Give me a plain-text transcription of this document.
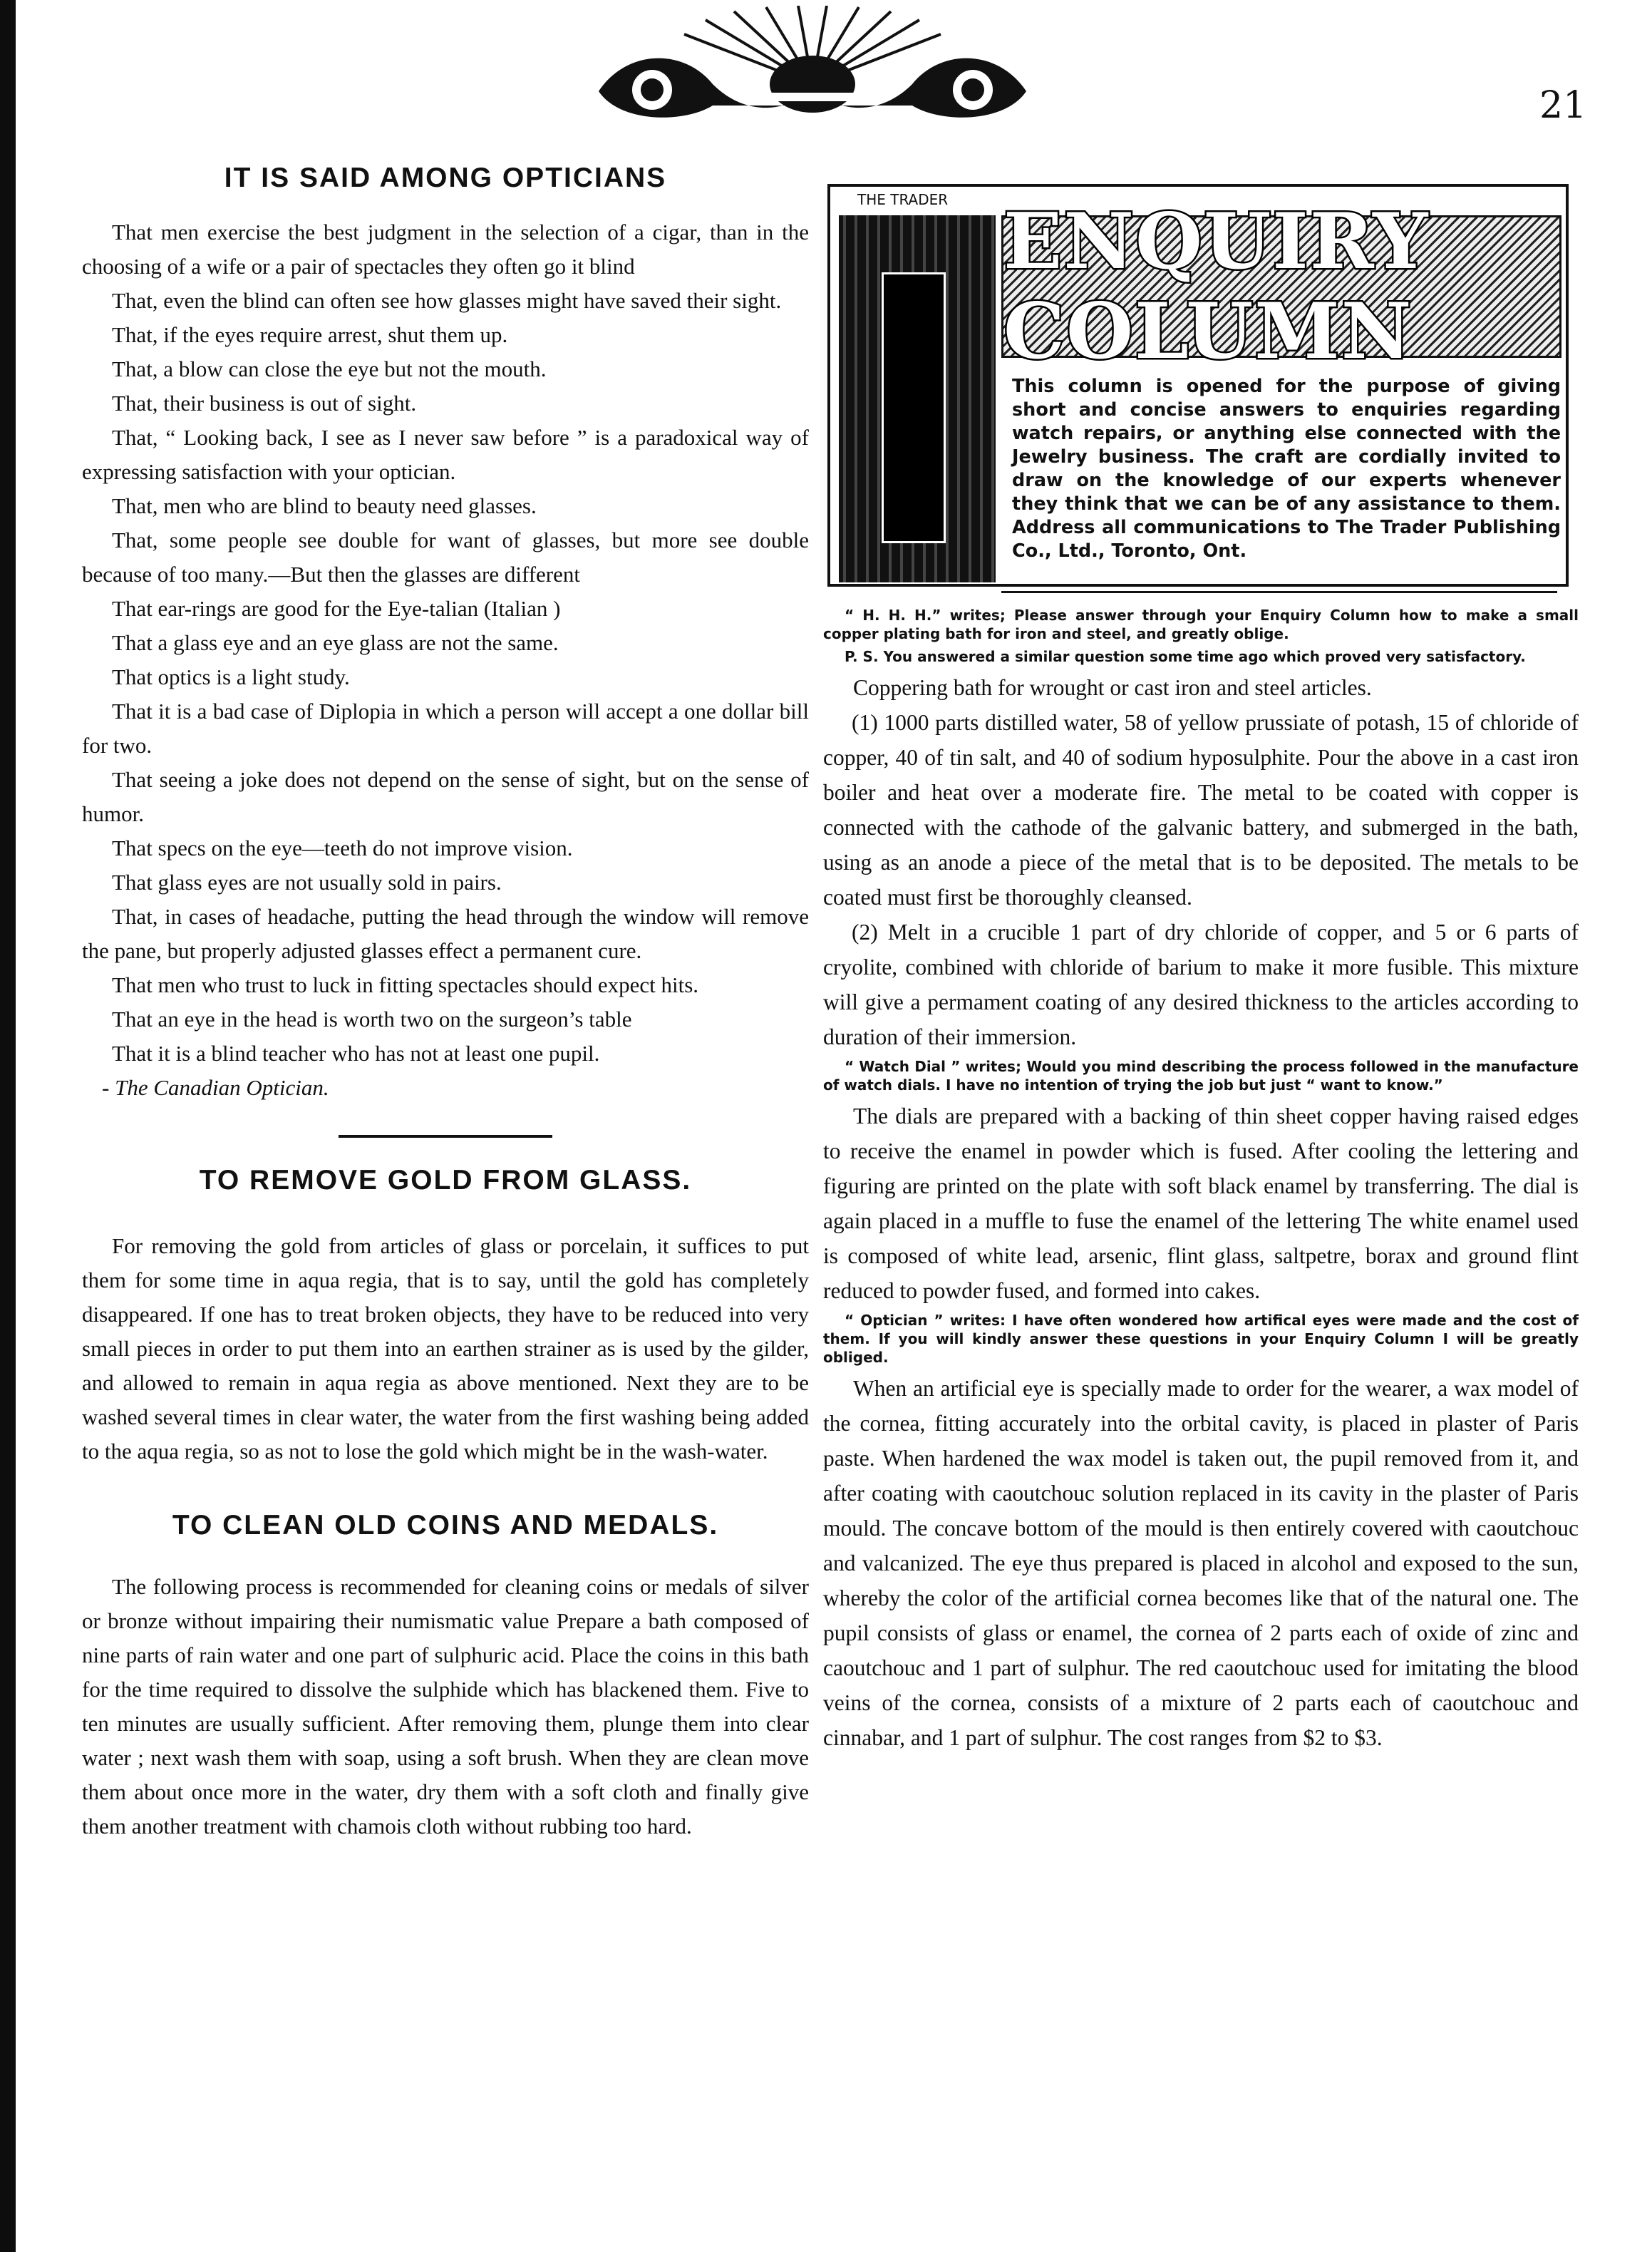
21
IT IS SAID AMONG OPTICIANS

That men exercise the best judgment in the selection of a cigar, than in the choosing of a wife or a pair of spectacles they often go it blind

That, even the blind can often see how glasses might have saved their sight.

That, if the eyes require arrest, shut them up.

That, a blow can close the eye but not the mouth.

That, their business is out of sight.

That, “ Looking back, I see as I never saw before ” is a paradoxical way of expressing satisfaction with your optician.

That, men who are blind to beauty need glasses.

That, some people see double for want of glasses, but more see double because of too many.—But then the glasses are different

That ear-rings are good for the Eye-talian (Italian )

That a glass eye and an eye glass are not the same.

That optics is a light study.

That it is a bad case of Diplopia in which a person will accept a one dollar bill for two.

That seeing a joke does not depend on the sense of sight, but on the sense of humor.

That specs on the eye—teeth do not improve vision.

That glass eyes are not usually sold in pairs.

That, in cases of headache, putting the head through the window will remove the pane, but properly adjusted glasses effect a permanent cure.

That men who trust to luck in fitting spectacles should expect hits.

That an eye in the head is worth two on the surgeon’s table

That it is a blind teacher who has not at least one pupil.

- The Canadian Optician.

TO REMOVE GOLD FROM GLASS.

For removing the gold from articles of glass or porcelain, it suffices to put them for some time in aqua regia, that is to say, until the gold has completely disappeared. If one has to treat broken objects, they have to be reduced into very small pieces in order to put them into an earthen strainer as is used by the gilder, and allowed to remain in aqua regia as above mentioned. Next they are to be washed several times in clear water, the water from the first washing being added to the aqua regia, so as not to lose the gold which might be in the wash-water.

TO CLEAN OLD COINS AND MEDALS.

The following process is recommended for cleaning coins or medals of silver or bronze without impairing their numismatic value Prepare a bath composed of nine parts of rain water and one part of sulphuric acid. Place the coins in this bath for the time required to dissolve the sulphide which has blackened them. Five to ten minutes are usually sufficient. After removing them, plunge them into clear water ; next wash them with soap, using a soft brush. When they are clean move them about once more in the water, dry them with a soft cloth and finally give them another treatment with chamois cloth without rubbing too hard.

THE TRADER ENQUIRY COLUMN
This column is opened for the purpose of giving short and concise answers to enquiries regarding watch repairs, or anything else connected with the Jewelry business. The craft are cordially invited to draw on the knowledge of our experts whenever they think that we can be of any assistance to them. Address all communications to The Trader Publishing Co., Ltd., Toronto, Ont.
“ H. H. H.” writes; Please answer through your Enquiry Column how to make a small copper plating bath for iron and steel, and greatly oblige.
P. S. You answered a similar question some time ago which proved very satisfactory.

Coppering bath for wrought or cast iron and steel articles.

(1) 1000 parts distilled water, 58 of yellow prussiate of potash, 15 of chloride of copper, 40 of tin salt, and 40 of sodium hyposulphite. Pour the above in a cast iron boiler and heat over a moderate fire. The metal to be coated with copper is connected with the cathode of the galvanic battery, and submerged in the bath, using as an anode a piece of the metal that is to be deposited. The metals to be coated must first be thoroughly cleansed.

(2) Melt in a crucible 1 part of dry chloride of copper, and 5 or 6 parts of cryolite, combined with chloride of barium to make it more fusible. This mixture will give a permament coating of any desired thickness to the articles according to duration of their immersion.

“ Watch Dial ” writes; Would you mind describing the process followed in the manufacture of watch dials. I have no intention of trying the job but just “ want to know.”

The dials are prepared with a backing of thin sheet copper having raised edges to receive the enamel in powder which is fused. After cooling the lettering and figuring are printed on the plate with soft black enamel by transferring. The dial is again placed in a muffle to fuse the enamel of the lettering The white enamel used is composed of white lead, arsenic, flint glass, saltpetre, borax and ground flint reduced to powder fused, and formed into cakes.

“ Optician ” writes: I have often wondered how artifical eyes were made and the cost of them. If you will kindly answer these questions in your Enquiry Column I will be greatly obliged.

When an artificial eye is specially made to order for the wearer, a wax model of the cornea, fitting accurately into the orbital cavity, is placed in plaster of Paris paste. When hardened the wax model is taken out, the pupil removed from it, and after coating with caoutchouc solution replaced in its cavity in the plaster of Paris mould. The concave bottom of the mould is then entirely covered with caoutchouc and valcanized. The eye thus prepared is placed in alcohol and exposed to the sun, whereby the color of the artificial cornea becomes like that of the natural one. The pupil consists of glass or enamel, the cornea of 2 parts each of oxide of zinc and caoutchouc and 1 part of sulphur. The red caoutchouc used for imitating the blood veins of the cornea, consists of a mixture of 2 parts each of caoutchouc and cinnabar, and 1 part of sulphur. The cost ranges from $2 to $3.
